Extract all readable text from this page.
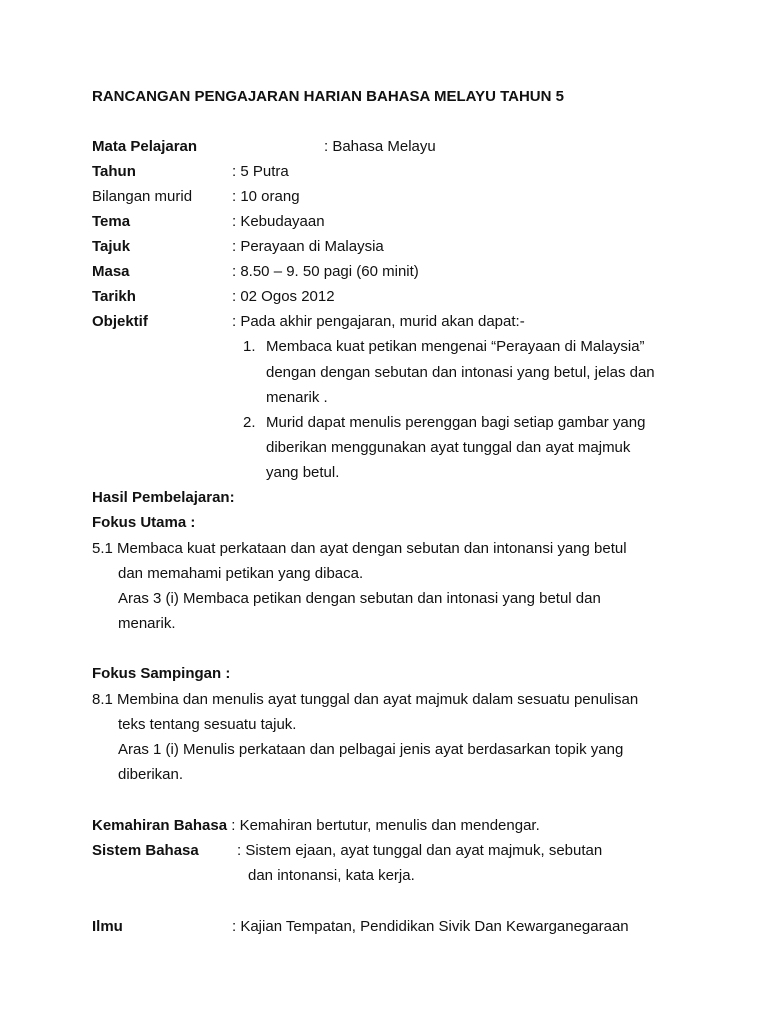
RANCANGAN PENGAJARAN HARIAN BAHASA MELAYU TAHUN 5
Mata Pelajaran	: Bahasa Melayu
Tahun	: 5 Putra
Bilangan murid	: 10 orang
Tema	: Kebudayaan
Tajuk	: Perayaan di Malaysia
Masa	: 8.50 – 9. 50 pagi (60 minit)
Tarikh	: 02 Ogos 2012
Objektif	: Pada akhir pengajaran, murid akan dapat:-
1. Membaca kuat petikan mengenai “Perayaan di Malaysia”
dengan dengan sebutan dan intonasi yang betul, jelas dan
menarik .
2. Murid dapat menulis perenggan bagi setiap gambar yang
diberikan menggunakan ayat tunggal dan ayat majmuk
yang betul.
Hasil Pembelajaran:
Fokus Utama :
5.1 Membaca kuat perkataan dan ayat dengan sebutan dan intonansi yang betul
dan memahami petikan yang dibaca.
Aras 3 (i) Membaca petikan dengan sebutan dan intonasi yang betul dan
menarik.
Fokus Sampingan :
8.1 Membina dan menulis ayat tunggal dan ayat majmuk dalam sesuatu penulisan
teks tentang sesuatu tajuk.
Aras 1 (i) Menulis perkataan dan pelbagai jenis ayat berdasarkan topik yang
diberikan.
Kemahiran Bahasa : Kemahiran bertutur, menulis dan mendengar.
Sistem Bahasa	: Sistem ejaan, ayat tunggal dan ayat majmuk, sebutan
dan intonansi, kata kerja.
Ilmu	: Kajian Tempatan, Pendidikan Sivik Dan Kewarganegaraan
